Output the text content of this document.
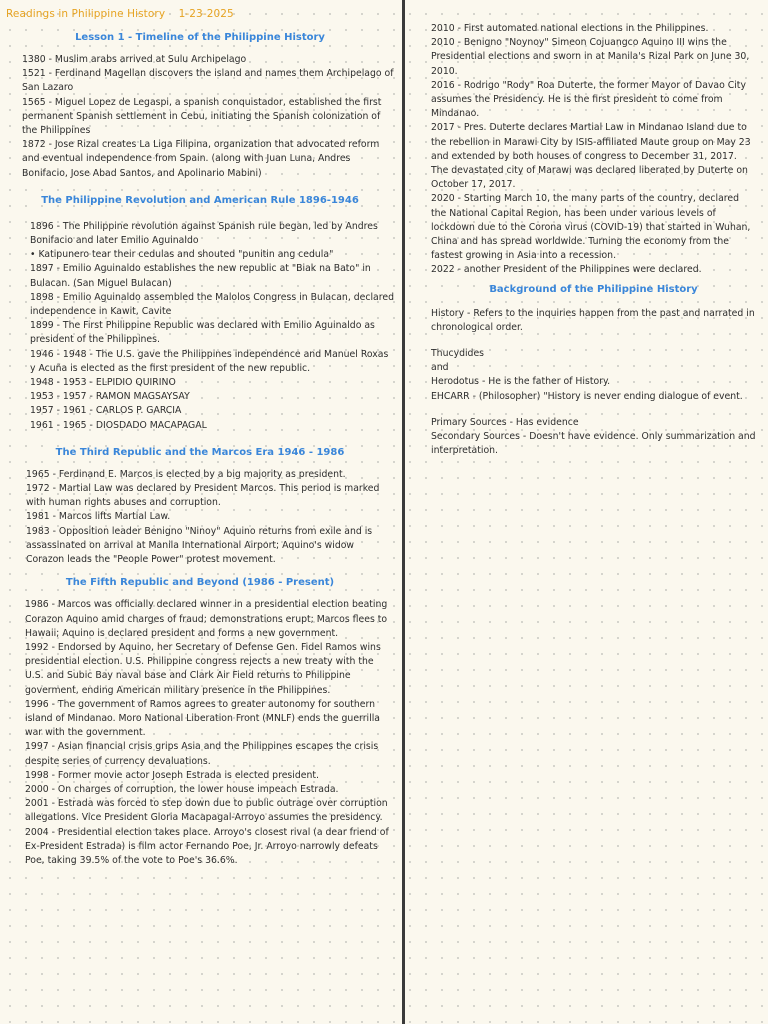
Readings in Philippine History 1-23-2025

Lesson 1 - Timeline of the Philippine History

1380 - Muslim arabs arrived at Sulu Archipelago

1521 - Ferdinand Magellan discovers the island and names them Archipelago of San Lazaro

1565 - Miguel Lopez de Legaspi, a spanish conquistador, established the first permanent Spanish settlement in Cebu, initiating the Spanish colonization of the Philippines

1872 - Jose Rizal creates La Liga Filipina, organization that advocated reform and eventual independence from Spain. (along with Juan Luna, Andres Bonifacio, Jose Abad Santos, and Apolinario Mabini)

The Philippine Revolution and American Rule 1896-1946

1896 - The Philippine revolution against Spanish rule began, led by Andres Bonifacio and later Emilio Aguinaldo

• Katipunero tear their cedulas and shouted "punitin ang cedula"

1897 - Emilio Aguinaldo establishes the new republic at "Biak na Bato" in Bulacan. (San Miguel Bulacan)

1898 - Emilio Aguinaldo assembled the Malolos Congress in Bulacan, declared independence in Kawit, Cavite

1899 - The First Philippine Republic was declared with Emilio Aguinaldo as president of the Philippines.

1946 - 1948 - The U.S. gave the Philippines independence and Manuel Roxas y Acuña is elected as the first president of the new republic.

1948 - 1953 - ELPIDIO QUIRINO

1953 - 1957 - RAMON MAGSAYSAY

1957 - 1961 - CARLOS P. GARCIA

1961 - 1965 - DIOSDADO MACAPAGAL

The Third Republic and the Marcos Era 1946 - 1986

1965 - Ferdinand E. Marcos is elected by a big majority as president.

1972 - Martial Law was declared by President Marcos. This period is marked with human rights abuses and corruption.

1981 - Marcos lifts Martial Law.

1983 - Opposition leader Benigno "Ninoy" Aquino returns from exile and is assassinated on arrival at Manila International Airport; Aquino's widow Corazon leads the "People Power" protest movement.

The Fifth Republic and Beyond (1986 - Present)

1986 - Marcos was officially declared winner in a presidential election beating Corazon Aquino amid charges of fraud; demonstrations erupt; Marcos flees to Hawaii; Aquino is declared president and forms a new government.

1992 - Endorsed by Aquino, her Secretary of Defense Gen. Fidel Ramos wins presidential election. U.S. Philippine congress rejects a new treaty with the U.S. and Subic Bay naval base and Clark Air Field returns to Philippine goverment, ending American military presence in the Philippines.

1996 - The government of Ramos agrees to greater autonomy for southern island of Mindanao. Moro National Liberation Front (MNLF) ends the guerrilla war with the government.

1997 - Asian financial crisis grips Asia and the Philippines escapes the crisis despite series of currency devaluations.

1998 - Former movie actor Joseph Estrada is elected president.

2000 - On charges of corruption, the lower house impeach Estrada.

2001 - Estrada was forced to step down due to public outrage over corruption allegations. Vice President Gloria Macapagal-Arroyo assumes the presidency.

2004 - Presidential election takes place. Arroyo's closest rival (a dear friend of Ex-President Estrada) is film actor Fernando Poe, Jr. Arroyo narrowly defeats Poe, taking 39.5% of the vote to Poe's 36.6%.

2010 - First automated national elections in the Philippines.

2010 - Benigno "Noynoy" Simeon Cojuangco Aquino III wins the Presidential elections and sworn in at Manila's Rizal Park on June 30, 2010.

2016 - Rodrigo "Rody" Roa Duterte, the former Mayor of Davao City assumes the Presidency. He is the first president to come from Mindanao.

2017 - Pres. Duterte declares Martial Law in Mindanao Island due to the rebellion in Marawi City by ISIS-affiliated Maute group on May 23 and extended by both houses of congress to December 31, 2017. The devastated city of Marawi was declared liberated by Duterte on October 17, 2017.

2020 - Starting March 10, the many parts of the country, declared the National Capital Region, has been under various levels of lockdown due to the Corona virus (COVID-19) that started in Wuhan, China and has spread worldwide. Turning the economy from the fastest growing in Asia into a recession.

2022 - another President of the Philippines were declared.

Background of the Philippine History

History - Refers to the inquiries happen from the past and narrated in chronological order.

Thucydides

and

Herodotus - He is the father of History.

EHCARR - (Philosopher) "History is never ending dialogue of event.

Primary Sources - Has evidence

Secondary Sources - Doesn't have evidence. Only summarization and interpretation.
